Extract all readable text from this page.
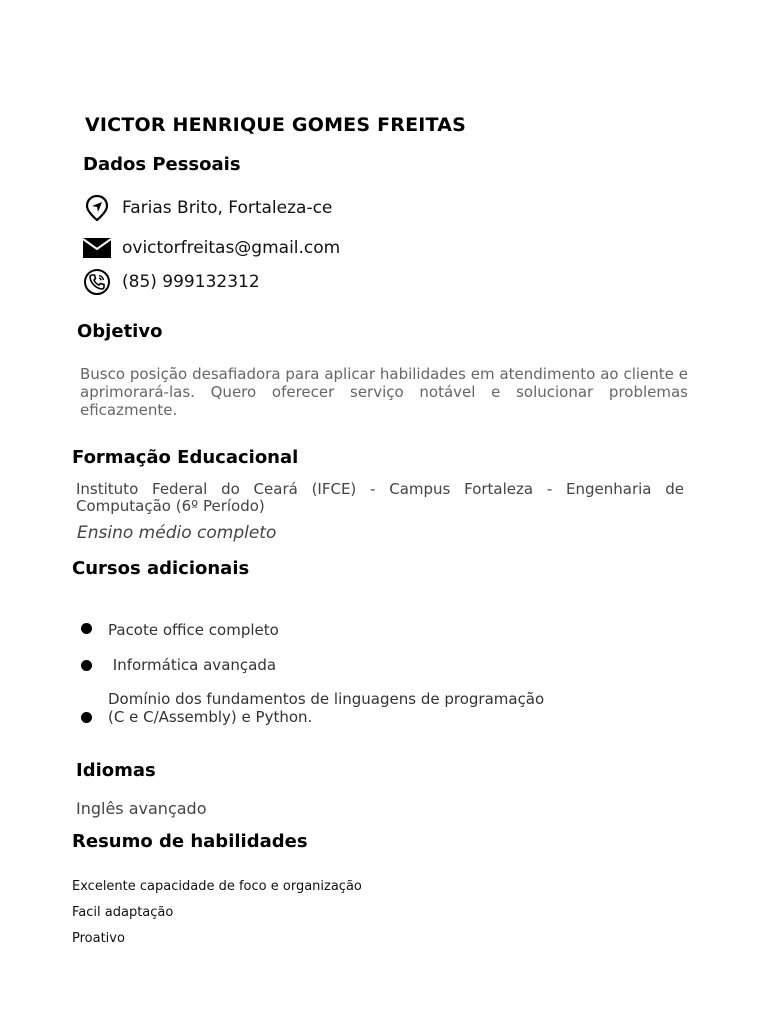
VICTOR HENRIQUE GOMES FREITAS
Dados Pessoais
Farias Brito, Fortaleza-ce
ovictorfreitas@gmail.com
(85) 999132312
Objetivo
Busco posição desafiadora para aplicar habilidades em atendimento ao cliente e aprimorará-las. Quero oferecer serviço notável e solucionar problemas eficazmente.
Formação Educacional
Instituto Federal do Ceará (IFCE) - Campus Fortaleza - Engenharia de Computação (6º Período)
Ensino médio completo
Cursos adicionais
Pacote office completo
Informática avançada
Domínio dos fundamentos de linguagens de programação
(C e C/Assembly) e Python.
Idiomas
Inglês avançado
Resumo de habilidades
Excelente capacidade de foco e organização
Facil adaptação
Proativo
